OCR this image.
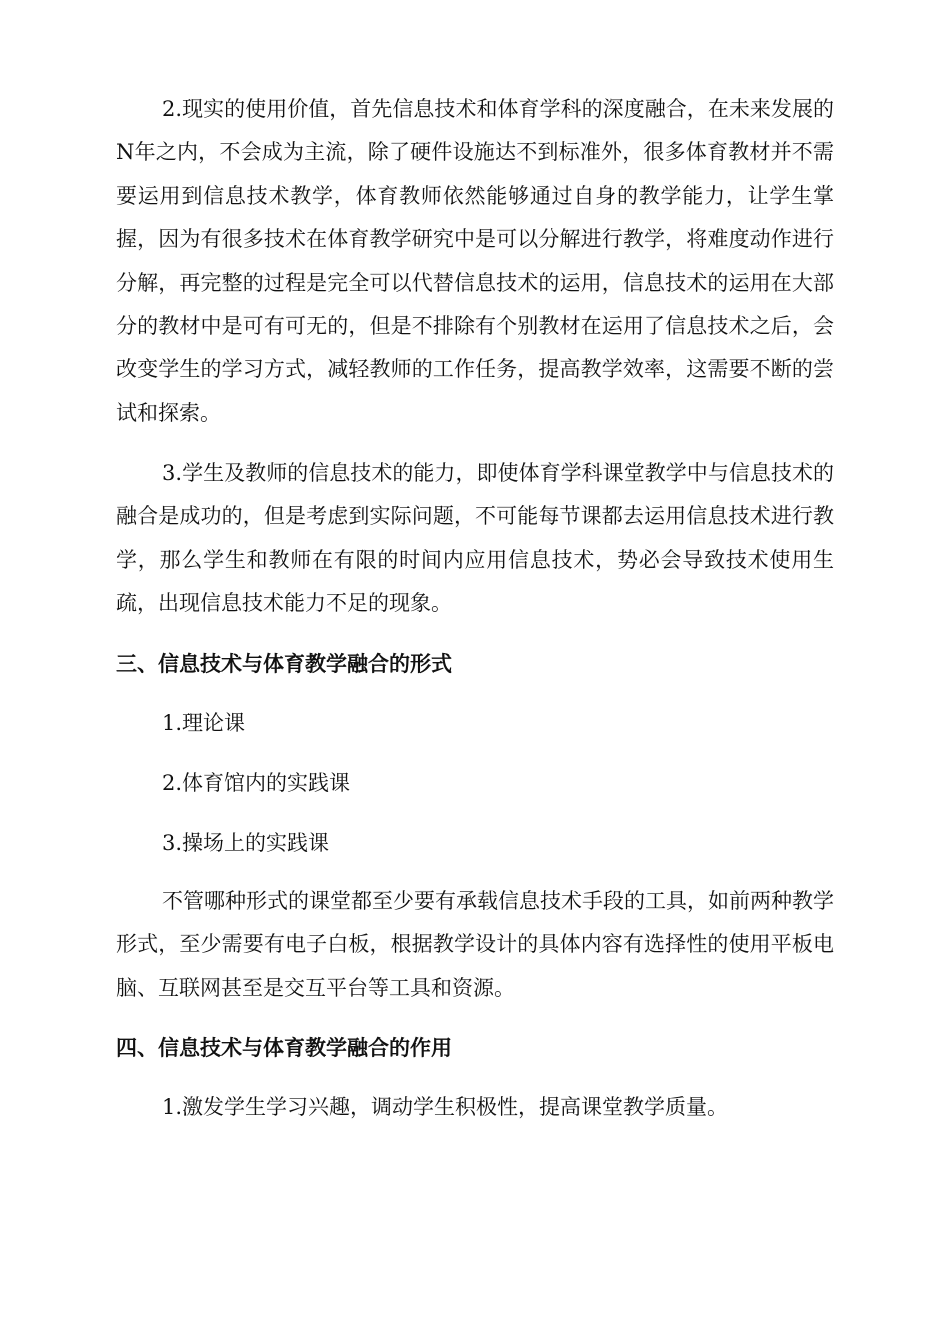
2.现实的使用价值，首先信息技术和体育学科的深度融合，在未来发展的N年之内，不会成为主流，除了硬件设施达不到标准外，很多体育教材并不需要运用到信息技术教学，体育教师依然能够通过自身的教学能力，让学生掌握，因为有很多技术在体育教学研究中是可以分解进行教学，将难度动作进行分解，再完整的过程是完全可以代替信息技术的运用，信息技术的运用在大部分的教材中是可有可无的，但是不排除有个别教材在运用了信息技术之后，会改变学生的学习方式，减轻教师的工作任务，提高教学效率，这需要不断的尝试和探索。

3.学生及教师的信息技术的能力，即使体育学科课堂教学中与信息技术的融合是成功的，但是考虑到实际问题，不可能每节课都去运用信息技术进行教学，那么学生和教师在有限的时间内应用信息技术，势必会导致技术使用生疏，出现信息技术能力不足的现象。

三、信息技术与体育教学融合的形式

1.理论课

2.体育馆内的实践课

3.操场上的实践课

不管哪种形式的课堂都至少要有承载信息技术手段的工具，如前两种教学形式，至少需要有电子白板，根据教学设计的具体内容有选择性的使用平板电脑、互联网甚至是交互平台等工具和资源。

四、信息技术与体育教学融合的作用

1.激发学生学习兴趣，调动学生积极性，提高课堂教学质量。
